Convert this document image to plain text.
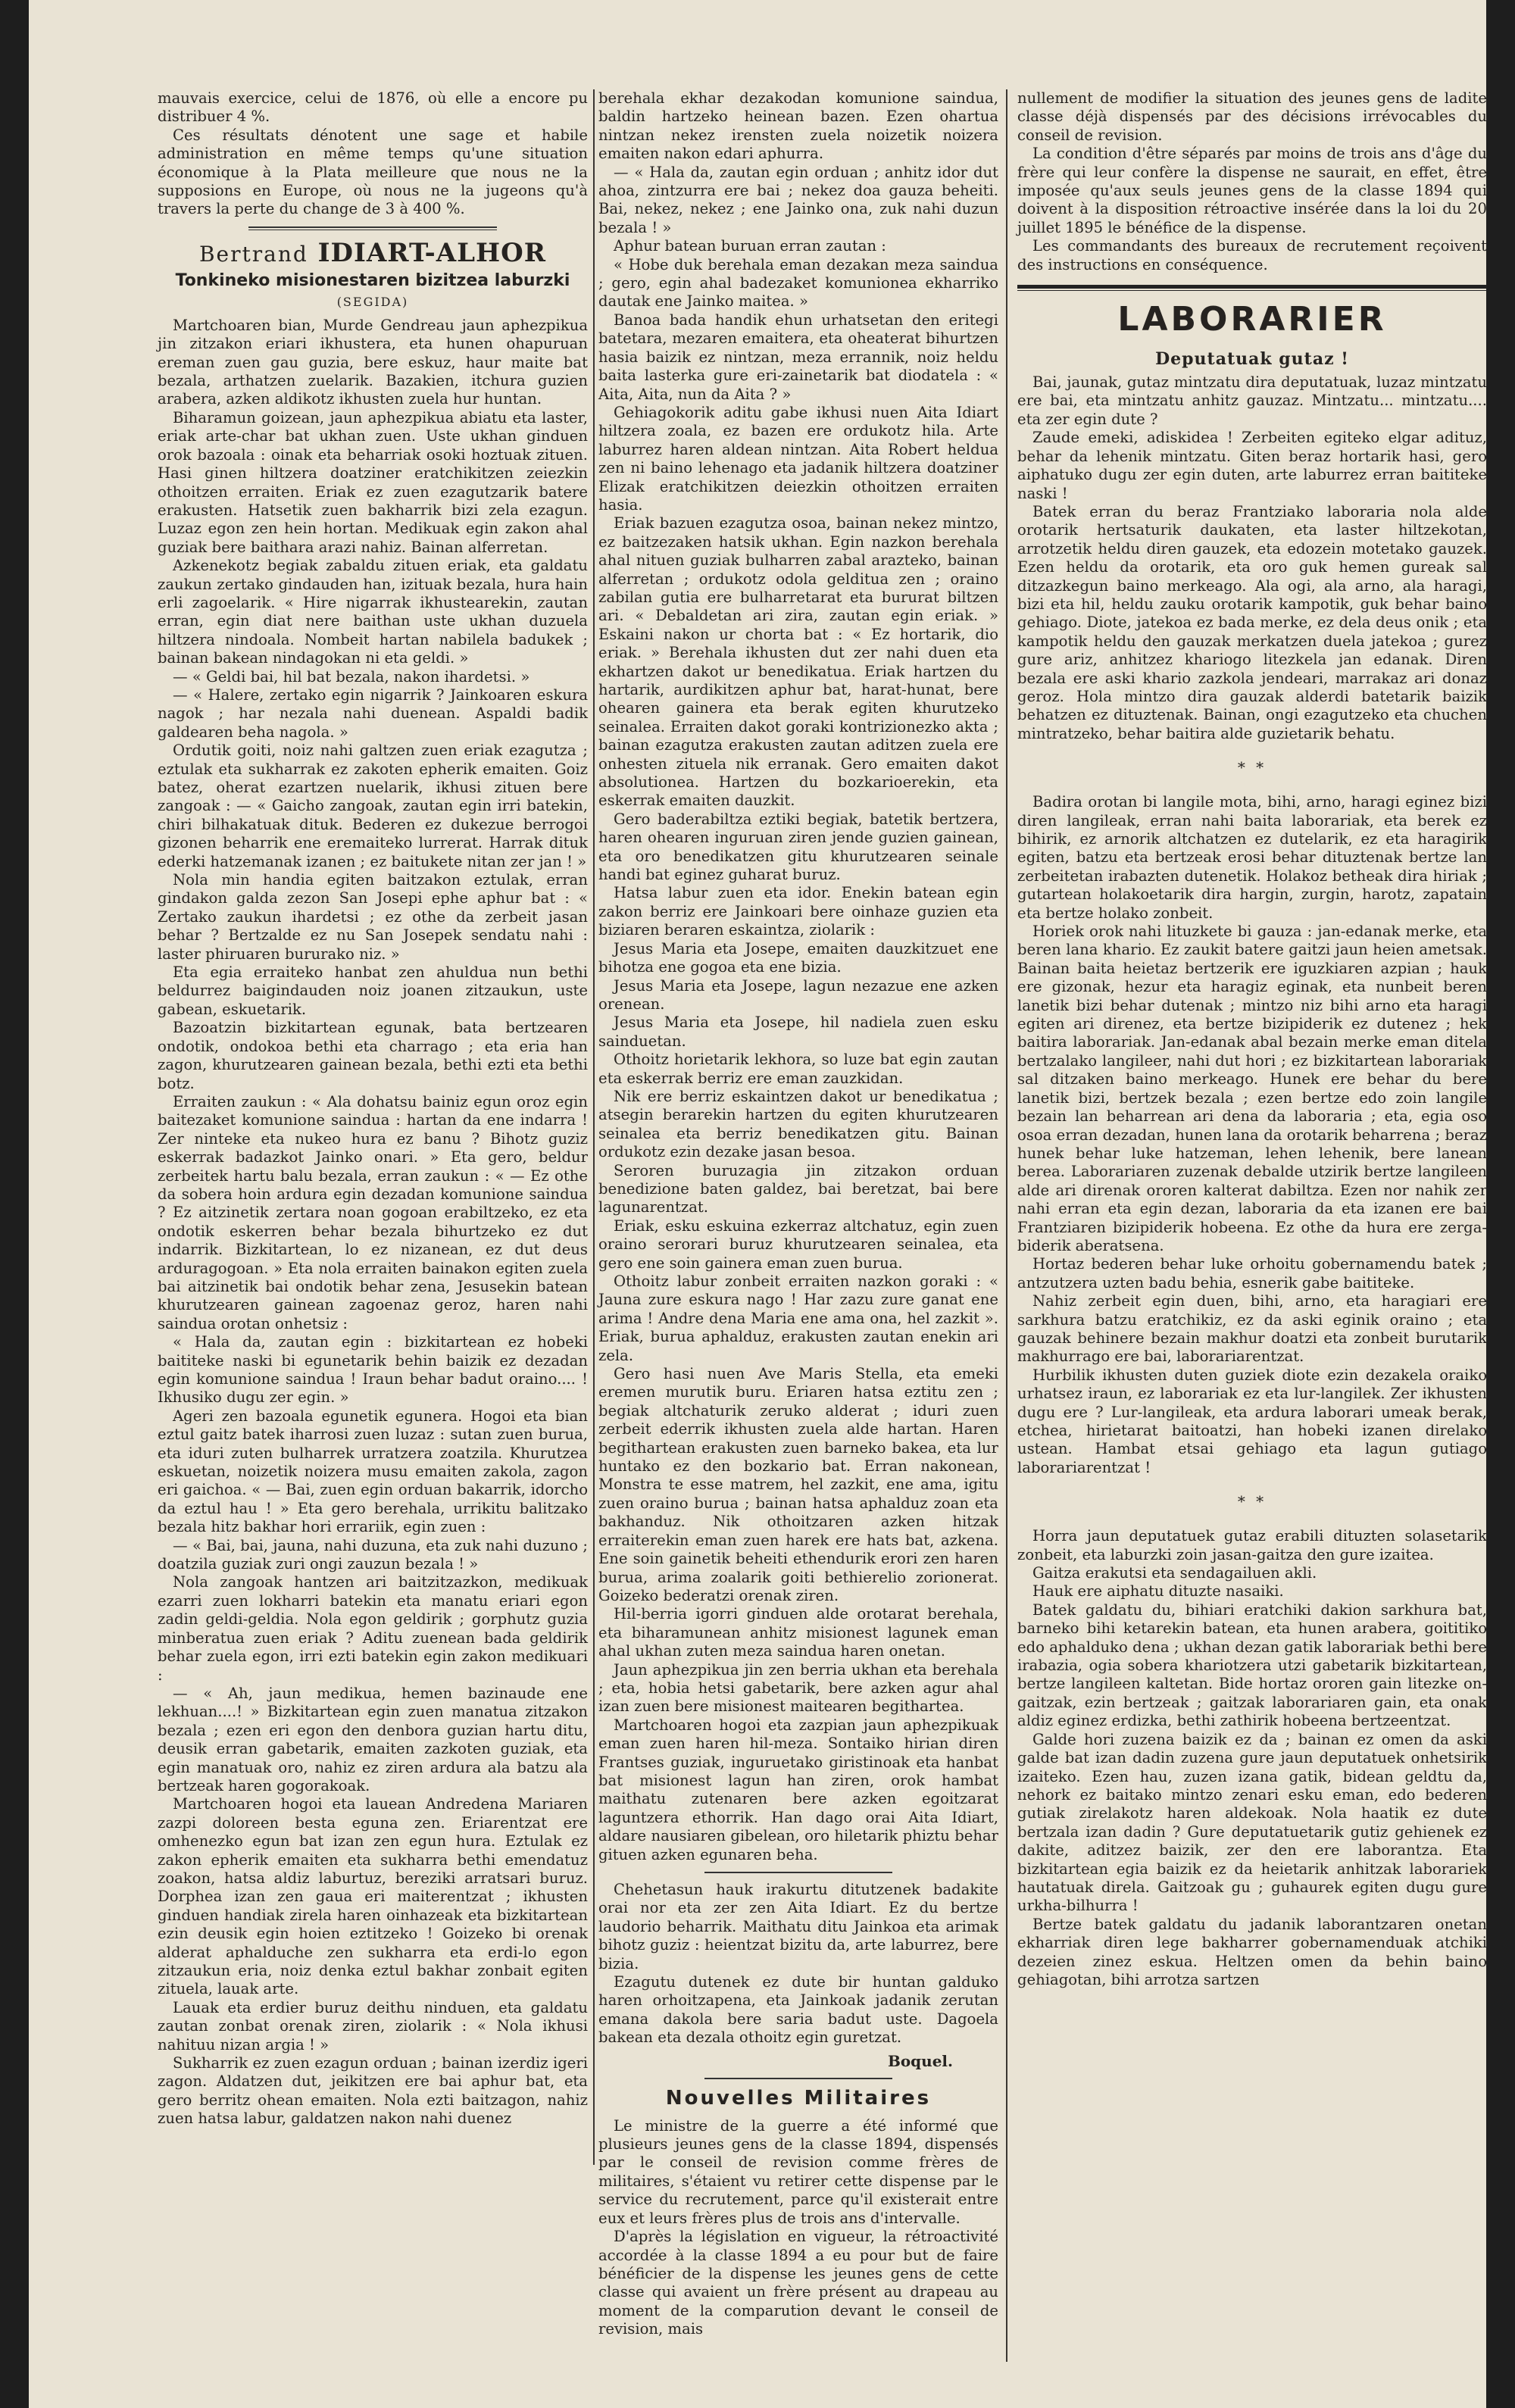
mauvais exercice, celui de 1876, où elle a encore pu distribuer 4 %.

Ces résultats dénotent une sage et habile administration en même temps qu'une situation économique à la Plata meilleure que nous ne la supposions en Europe, où nous ne la jugeons qu'à travers la perte du change de 3 à 400 %.

Bertrand IDIART-ALHOR
Tonkineko misionestaren bizitzea laburzki
(SEGIDA)

Martchoaren bian, Murde Gendreau jaun aphezpikua jin zitzakon eriari ikhustera, eta hunen ohapuruan ereman zuen gau guzia, bere eskuz, haur maite bat bezala, arthatzen zuelarik. Bazakien, itchura guzien arabera, azken aldikotz ikhusten zuela hur huntan.

Biharamun goizean, jaun aphezpikua abiatu eta laster, eriak arte-char bat ukhan zuen. Uste ukhan ginduen orok bazoala : oinak eta beharriak osoki hoztuak zituen. Hasi ginen hiltzera doatziner eratchikitzen zeiezkin othoitzen erraiten. Eriak ez zuen ezagutzarik batere erakusten. Hatsetik zuen bakharrik bizi zela ezagun. Luzaz egon zen hein hortan. Medikuak egin zakon ahal guziak bere baithara arazi nahiz. Bainan alferretan.

Azkenekotz begiak zabaldu zituen eriak, eta galdatu zaukun zertako gindauden han, izituak bezala, hura hain erli zagoelarik. « Hire nigarrak ikhustearekin, zautan erran, egin diat nere baithan uste ukhan duzuela hiltzera nindoala. Nombeit hartan nabilela badukek ; bainan bakean nindagokan ni eta geldi. »

— « Geldi bai, hil bat bezala, nakon ihardetsi. »

— « Halere, zertako egin nigarrik ? Jainkoaren eskura nagok ; har nezala nahi duenean. Aspaldi badik galdearen beha nagola. »

Ordutik goiti, noiz nahi galtzen zuen eriak ezagutza ; eztulak eta sukharrak ez zakoten epherik emaiten. Goiz batez, oherat ezartzen nuelarik, ikhusi zituen bere zangoak : — « Gaicho zangoak, zautan egin irri batekin, chiri bilhakatuak dituk. Bederen ez dukezue berrogoi gizonen beharrik ene eremaiteko lurrerat. Harrak dituk ederki hatzemanak izanen ; ez baitukete nitan zer jan ! »

Nola min handia egiten baitzakon eztulak, erran gindakon galda zezon San Josepi ephe aphur bat : « Zertako zaukun ihardetsi ; ez othe da zerbeit jasan behar ? Bertzalde ez nu San Josepek sendatu nahi : laster phiruaren bururako niz. »

Eta egia erraiteko hanbat zen ahuldua nun bethi beldurrez baigindauden noiz joanen zitzaukun, uste gabean, eskuetarik.

Bazoatzin bizkitartean egunak, bata bertzearen ondotik, ondokoa bethi eta charrago ; eta eria han zagon, khurutzearen gainean bezala, bethi ezti eta bethi botz.

Erraiten zaukun : « Ala dohatsu bainiz egun oroz egin baitezaket komunione saindua : hartan da ene indarra ! Zer ninteke eta nukeo hura ez banu ? Bihotz guziz eskerrak badazkot Jainko onari. » Eta gero, beldur zerbeitek hartu balu bezala, erran zaukun : « — Ez othe da sobera hoin ardura egin dezadan komunione saindua ? Ez aitzinetik zertara noan gogoan erabiltzeko, ez eta ondotik eskerren behar bezala bihurtzeko ez dut indarrik. Bizkitartean, lo ez nizanean, ez dut deus arduragogoan. » Eta nola erraiten bainakon egiten zuela bai aitzinetik bai ondotik behar zena, Jesusekin batean khurutzearen gainean zagoenaz geroz, haren nahi saindua orotan onhetsiz :

« Hala da, zautan egin : bizkitartean ez hobeki baititeke naski bi egunetarik behin baizik ez dezadan egin komunione saindua ! Iraun behar badut oraino.... ! Ikhusiko dugu zer egin. »

Ageri zen bazoala egunetik egunera. Hogoi eta bian eztul gaitz batek iharrosi zuen luzaz : sutan zuen burua, eta iduri zuten bulharrek urratzera zoatzila. Khurutzea eskuetan, noizetik noizera musu emaiten zakola, zagon eri gaichoa. « — Bai, zuen egin orduan bakarrik, idorcho da eztul hau ! » Eta gero berehala, urrikitu balitzako bezala hitz bakhar hori errariik, egin zuen :

— « Bai, bai, jauna, nahi duzuna, eta zuk nahi duzuno ; doatzila guziak zuri ongi zauzun bezala ! »

Nola zangoak hantzen ari baitzitzazkon, medikuak ezarri zuen lokharri batekin eta manatu eriari egon zadin geldi-geldia. Nola egon geldirik ; gorphutz guzia minberatua zuen eriak ? Aditu zuenean bada geldirik behar zuela egon, irri ezti batekin egin zakon medikuari :

— « Ah, jaun medikua, hemen bazinaude ene lekhuan....! » Bizkitartean egin zuen manatua zitzakon bezala ; ezen eri egon den denbora guzian hartu ditu, deusik erran gabetarik, emaiten zazkoten guziak, eta egin manatuak oro, nahiz ez ziren ardura ala batzu ala bertzeak haren gogorakoak.

Martchoaren hogoi eta lauean Andredena Mariaren zazpi doloreen besta eguna zen. Eriarentzat ere omhenezko egun bat izan zen egun hura. Eztulak ez zakon epherik emaiten eta sukharra bethi emendatuz zoakon, hatsa aldiz laburtuz, bereziki arratsari buruz. Dorphea izan zen gaua eri maiterentzat ; ikhusten ginduen handiak zirela haren oinhazeak eta bizkitartean ezin deusik egin hoien eztitzeko ! Goizeko bi orenak alderat aphalduche zen sukharra eta erdi-lo egon zitzaukun eria, noiz denka eztul bakhar zonbait egiten zituela, lauak arte.

Lauak eta erdier buruz deithu ninduen, eta galdatu zautan zonbat orenak ziren, ziolarik : « Nola ikhusi nahituu nizan argia ! »

Sukharrik ez zuen ezagun orduan ; bainan izerdiz igeri zagon. Aldatzen dut, jeikitzen ere bai aphur bat, eta gero berritz ohean emaiten. Nola ezti baitzagon, nahiz zuen hatsa labur, galdatzen nakon nahi duenez

berehala ekhar dezakodan komunione saindua, baldin hartzeko heinean bazen. Ezen ohartua nintzan nekez irensten zuela noizetik noizera emaiten nakon edari aphurra.

— « Hala da, zautan egin orduan ; anhitz idor dut ahoa, zintzurra ere bai ; nekez doa gauza beheiti. Bai, nekez, nekez ; ene Jainko ona, zuk nahi duzun bezala ! »

Aphur batean buruan erran zautan :

« Hobe duk berehala eman dezakan meza saindua ; gero, egin ahal badezaket komunionea ekharriko dautak ene Jainko maitea. »

Banoa bada handik ehun urhatsetan den eritegi batetara, mezaren emaitera, eta oheaterat bihurtzen hasia baizik ez nintzan, meza errannik, noiz heldu baita lasterka gure eri-zainetarik bat diodatela : « Aita, Aita, nun da Aita ? »

Gehiagokorik aditu gabe ikhusi nuen Aita Idiart hiltzera zoala, ez bazen ere ordukotz hila. Arte laburrez haren aldean nintzan. Aita Robert heldua zen ni baino lehenago eta jadanik hiltzera doatziner Elizak eratchikitzen deiezkin othoitzen erraiten hasia.

Eriak bazuen ezagutza osoa, bainan nekez mintzo, ez baitzezaken hatsik ukhan. Egin nazkon berehala ahal nituen guziak bulharren zabal arazteko, bainan alferretan ; ordukotz odola gelditua zen ; oraino zabilan gutia ere bulharretarat eta bururat biltzen ari. « Debaldetan ari zira, zautan egin eriak. » Eskaini nakon ur chorta bat : « Ez hortarik, dio eriak. » Berehala ikhusten dut zer nahi duen eta ekhartzen dakot ur benedikatua. Eriak hartzen du hartarik, aurdikitzen aphur bat, harat-hunat, bere ohearen gainera eta berak egiten khurutzeko seinalea. Erraiten dakot goraki kontrizionezko akta ; bainan ezagutza erakusten zautan aditzen zuela ere onhesten zituela nik erranak. Gero emaiten dakot absolutionea. Hartzen du bozkarioerekin, eta eskerrak emaiten dauzkit.

Gero baderabiltza eztiki begiak, batetik bertzera, haren ohearen inguruan ziren jende guzien gainean, eta oro benedikatzen gitu khurutzearen seinale handi bat eginez guharat buruz.

Hatsa labur zuen eta idor. Enekin batean egin zakon berriz ere Jainkoari bere oinhaze guzien eta biziaren beraren eskaintza, ziolarik :

Jesus Maria eta Josepe, emaiten dauzkitzuet ene bihotza ene gogoa eta ene bizia.

Jesus Maria eta Josepe, lagun nezazue ene azken orenean.

Jesus Maria eta Josepe, hil nadiela zuen esku sainduetan.

Othoitz horietarik lekhora, so luze bat egin zautan eta eskerrak berriz ere eman zauzkidan.

Nik ere berriz eskaintzen dakot ur benedikatua ; atsegin berarekin hartzen du egiten khurutzearen seinalea eta berriz benedikatzen gitu. Bainan ordukotz ezin dezake jasan besoa.

Seroren buruzagia jin zitzakon orduan benedizione baten galdez, bai beretzat, bai bere lagunarentzat.

Eriak, esku eskuina ezkerraz altchatuz, egin zuen oraino serorari buruz khurutzearen seinalea, eta gero ene soin gainera eman zuen burua.

Othoitz labur zonbeit erraiten nazkon goraki : « Jauna zure eskura nago ! Har zazu zure ganat ene arima ! Andre dena Maria ene ama ona, hel zazkit ». Eriak, burua aphalduz, erakusten zautan enekin ari zela.

Gero hasi nuen Ave Maris Stella, eta emeki eremen murutik buru. Eriaren hatsa eztitu zen ; begiak altchaturik zeruko alderat ; iduri zuen zerbeit ederrik ikhusten zuela alde hartan. Haren begithartean erakusten zuen barneko bakea, eta lur huntako ez den bozkario bat. Erran nakonean, Monstra te esse matrem, hel zazkit, ene ama, igitu zuen oraino burua ; bainan hatsa aphalduz zoan eta bakhanduz. Nik othoitzaren azken hitzak erraiterekin eman zuen harek ere hats bat, azkena. Ene soin gainetik beheiti ethendurik erori zen haren burua, arima zoalarik goiti bethierelio zorionerat. Goizeko bederatzi orenak ziren.

Hil-berria igorri ginduen alde orotarat berehala, eta biharamunean anhitz misionest lagunek eman ahal ukhan zuten meza saindua haren onetan.

Jaun aphezpikua jin zen berria ukhan eta berehala ; eta, hobia hetsi gabetarik, bere azken agur ahal izan zuen bere misionest maitearen begithartea.

Martchoaren hogoi eta zazpian jaun aphezpikuak eman zuen haren hil-meza. Sontaiko hirian diren Frantses guziak, inguruetako giristinoak eta hanbat bat misionest lagun han ziren, orok hambat maithatu zutenaren bere azken egoitzarat laguntzera ethorrik. Han dago orai Aita Idiart, aldare nausiaren gibelean, oro hiletarik phiztu behar gituen azken egunaren beha.

Chehetasun hauk irakurtu ditutzenek badakite orai nor eta zer zen Aita Idiart. Ez du bertze laudorio beharrik. Maithatu ditu Jainkoa eta arimak bihotz guziz : heientzat bizitu da, arte laburrez, bere bizia.

Ezagutu dutenek ez dute bir huntan galduko haren orhoitzapena, eta Jainkoak jadanik zerutan emana dakola bere saria badut uste. Dagoela bakean eta dezala othoitz egin guretzat.

Boquel.
Nouvelles Militaires

Le ministre de la guerre a été informé que plusieurs jeunes gens de la classe 1894, dispensés par le conseil de revision comme frères de militaires, s'étaient vu retirer cette dispense par le service du recrutement, parce qu'il existerait entre eux et leurs frères plus de trois ans d'intervalle.

D'après la législation en vigueur, la rétroactivité accordée à la classe 1894 a eu pour but de faire bénéficier de la dispense les jeunes gens de cette classe qui avaient un frère présent au drapeau au moment de la comparution devant le conseil de revision, mais

nullement de modifier la situation des jeunes gens de ladite classe déjà dispensés par des décisions irrévocables du conseil de revision.

La condition d'être séparés par moins de trois ans d'âge du frère qui leur confère la dispense ne saurait, en effet, être imposée qu'aux seuls jeunes gens de la classe 1894 qui doivent à la disposition rétroactive insérée dans la loi du 20 juillet 1895 le bénéfice de la dispense.

Les commandants des bureaux de recrutement reçoivent des instructions en conséquence.

LABORARIER
Deputatuak gutaz !

Bai, jaunak, gutaz mintzatu dira deputatuak, luzaz mintzatu ere bai, eta mintzatu anhitz gauzaz. Mintzatu... mintzatu.... eta zer egin dute ?

Zaude emeki, adiskidea ! Zerbeiten egiteko elgar adituz, behar da lehenik mintzatu. Giten beraz hortarik hasi, gero aiphatuko dugu zer egin duten, arte laburrez erran baititeke naski !

Batek erran du beraz Frantziako laboraria nola alde orotarik hertsaturik daukaten, eta laster hiltzekotan, arrotzetik heldu diren gauzek, eta edozein motetako gauzek. Ezen heldu da orotarik, eta oro guk hemen gureak sal ditzazkegun baino merkeago. Ala ogi, ala arno, ala haragi, bizi eta hil, heldu zauku orotarik kampotik, guk behar baino gehiago. Diote, jatekoa ez bada merke, ez dela deus onik ; eta kampotik heldu den gauzak merkatzen duela jatekoa ; gurez gure ariz, anhitzez khariogo litezkela jan edanak. Diren bezala ere aski khario zazkola jendeari, marrakaz ari donaz geroz. Hola mintzo dira gauzak alderdi batetarik baizik behatzen ez dituztenak. Bainan, ongi ezagutzeko eta chuchen mintratzeko, behar baitira alde guzietarik behatu.

* *

Badira orotan bi langile mota, bihi, arno, haragi eginez bizi diren langileak, erran nahi baita laborariak, eta berek ez bihirik, ez arnorik altchatzen ez dutelarik, ez eta haragirik egiten, batzu eta bertzeak erosi behar dituztenak bertze lan zerbeitetan irabazten dutenetik. Holakoz betheak dira hiriak ; gutartean holakoetarik dira hargin, zurgin, harotz, zapatain eta bertze holako zonbeit.

Horiek orok nahi lituzkete bi gauza : jan-edanak merke, eta beren lana khario. Ez zaukit batere gaitzi jaun heien ametsak. Bainan baita heietaz bertzerik ere iguzkiaren azpian ; hauk ere gizonak, hezur eta haragiz eginak, eta nunbeit beren lanetik bizi behar dutenak ; mintzo niz bihi arno eta haragi egiten ari direnez, eta bertze bizipiderik ez dutenez ; hek baitira laborariak. Jan-edanak abal bezain merke eman ditela bertzalako langileer, nahi dut hori ; ez bizkitartean laborariak sal ditzaken baino merkeago. Hunek ere behar du bere lanetik bizi, bertzek bezala ; ezen bertze edo zoin langile bezain lan beharrean ari dena da laboraria ; eta, egia oso osoa erran dezadan, hunen lana da orotarik beharrena ; beraz hunek behar luke hatzeman, lehen lehenik, bere lanean berea. Laborariaren zuzenak debalde utzirik bertze langileen alde ari direnak ororen kalterat dabiltza. Ezen nor nahik zer nahi erran eta egin dezan, laboraria da eta izanen ere bai Frantziaren bizipiderik hobeena. Ez othe da hura ere zerga-biderik aberatsena.

Hortaz bederen behar luke orhoitu gobernamendu batek ; antzutzera uzten badu behia, esnerik gabe baititeke.

Nahiz zerbeit egin duen, bihi, arno, eta haragiari ere sarkhura batzu eratchikiz, ez da aski eginik oraino ; eta gauzak behinere bezain makhur doatzi eta zonbeit burutarik makhurrago ere bai, laborariarentzat.

Hurbilik ikhusten duten guziek diote ezin dezakela oraiko urhatsez iraun, ez laborariak ez eta lur-langilek. Zer ikhusten dugu ere ? Lur-langileak, eta ardura laborari umeak berak, etchea, hirietarat baitoatzi, han hobeki izanen direlako ustean. Hambat etsai gehiago eta lagun gutiago laborariarentzat !

* *

Horra jaun deputatuek gutaz erabili dituzten solasetarik zonbeit, eta laburzki zoin jasan-gaitza den gure izaitea.

Gaitza erakutsi eta sendagailuen akli.

Hauk ere aiphatu dituzte nasaiki.

Batek galdatu du, bihiari eratchiki dakion sarkhura bat, barneko bihi ketarekin batean, eta hunen arabera, goititiko edo aphalduko dena ; ukhan dezan gatik laborariak bethi bere irabazia, ogia sobera khariotzera utzi gabetarik bizkitartean, bertze langileen kaltetan. Bide hortaz ororen gain litezke on-gaitzak, ezin bertzeak ; gaitzak laborariaren gain, eta onak aldiz eginez erdizka, bethi zathirik hobeena bertzeentzat.

Galde hori zuzena baizik ez da ; bainan ez omen da aski galde bat izan dadin zuzena gure jaun deputatuek onhetsirik izaiteko. Ezen hau, zuzen izana gatik, bidean geldtu da, nehork ez baitako mintzo zenari esku eman, edo bederen gutiak zirelakotz haren aldekoak. Nola haatik ez dute bertzala izan dadin ? Gure deputatuetarik gutiz gehienek ez dakite, aditzez baizik, zer den ere laborantza. Eta bizkitartean egia baizik ez da heietarik anhitzak laborariek hautatuak direla. Gaitzoak gu ; guhaurek egiten dugu gure urkha-bilhurra !

Bertze batek galdatu du jadanik laborantzaren onetan ekharriak diren lege bakharrer gobernamenduak atchiki dezeien zinez eskua. Heltzen omen da behin baino gehiagotan, bihi arrotza sartzen
